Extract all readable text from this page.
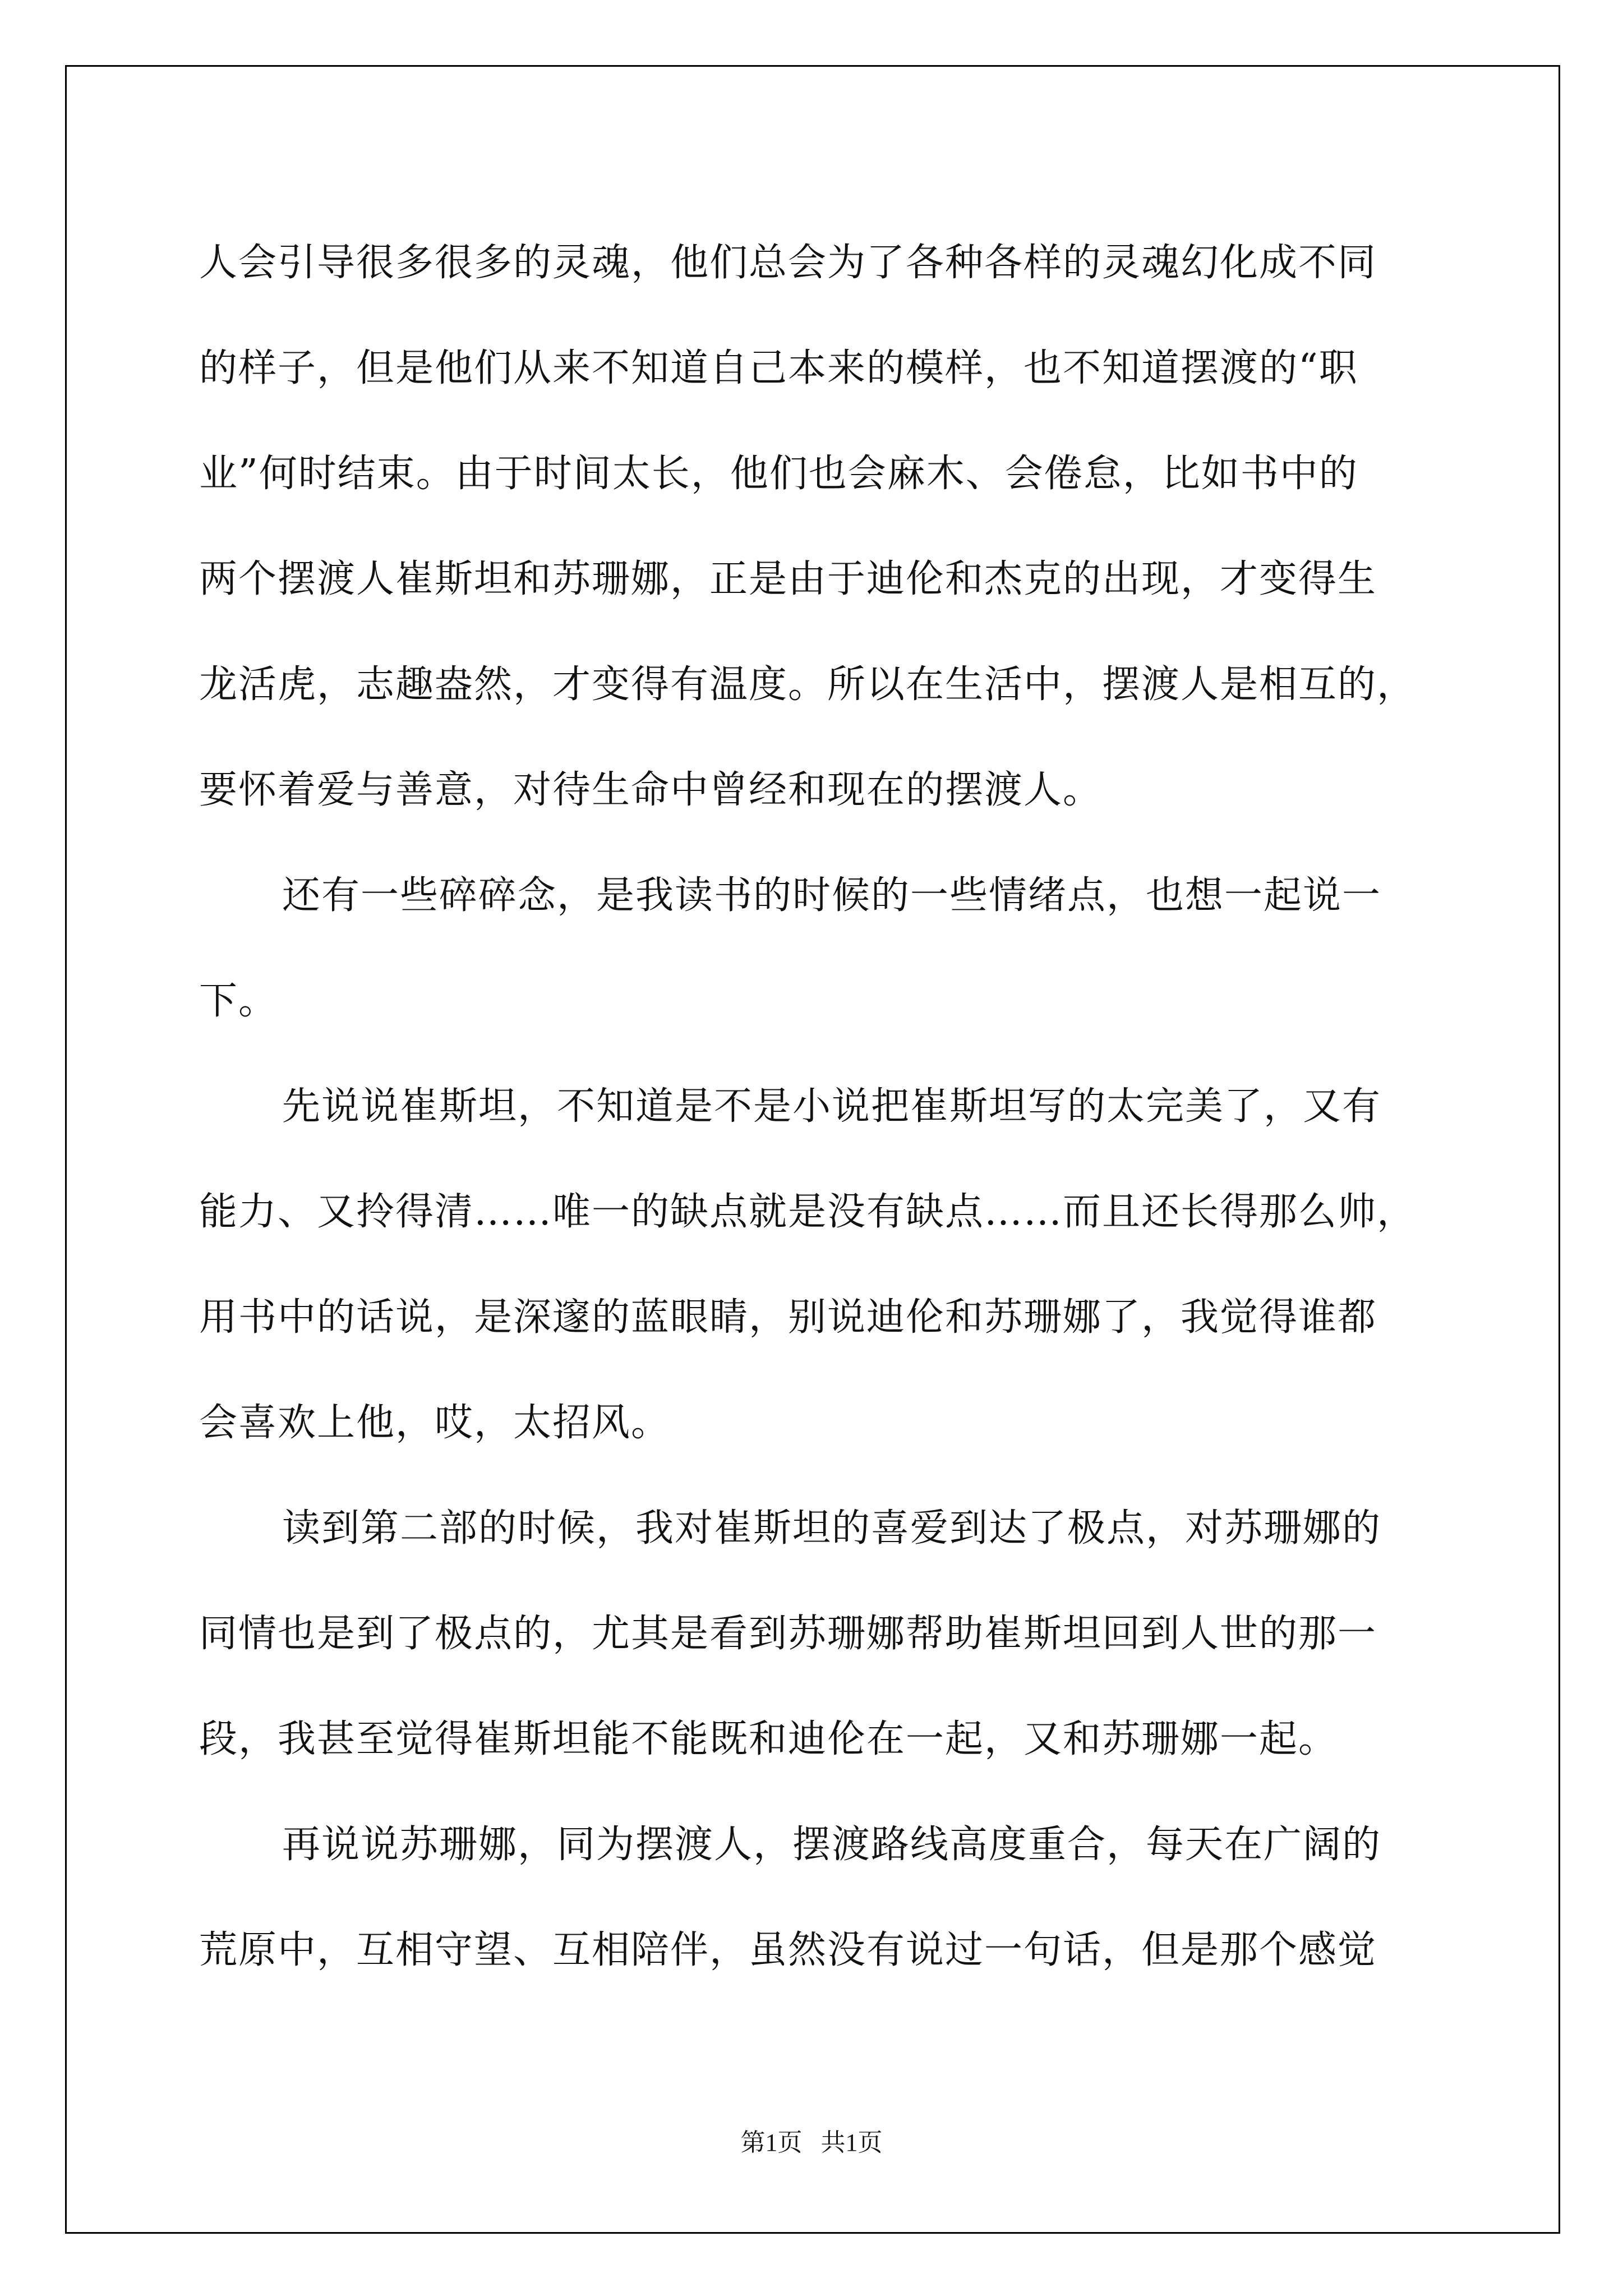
人会引导很多很多的灵魂，他们总会为了各种各样的灵魂幻化成不同

的样子，但是他们从来不知道自己本来的模样，也不知道摆渡的“职

业”何时结束。由于时间太长，他们也会麻木、会倦怠，比如书中的

两个摆渡人崔斯坦和苏珊娜，正是由于迪伦和杰克的出现，才变得生

龙活虎，志趣盎然，才变得有温度。所以在生活中，摆渡人是相互的，

要怀着爱与善意，对待生命中曾经和现在的摆渡人。

还有一些碎碎念，是我读书的时候的一些情绪点，也想一起说一

下。

先说说崔斯坦，不知道是不是小说把崔斯坦写的太完美了，又有

能力、又拎得清……唯一的缺点就是没有缺点……而且还长得那么帅，

用书中的话说，是深邃的蓝眼睛，别说迪伦和苏珊娜了，我觉得谁都

会喜欢上他，哎，太招风。

读到第二部的时候，我对崔斯坦的喜爱到达了极点，对苏珊娜的

同情也是到了极点的，尤其是看到苏珊娜帮助崔斯坦回到人世的那一

段，我甚至觉得崔斯坦能不能既和迪伦在一起，又和苏珊娜一起。

再说说苏珊娜，同为摆渡人，摆渡路线高度重合，每天在广阔的

荒原中，互相守望、互相陪伴，虽然没有说过一句话，但是那个感觉

第1页 共1页
